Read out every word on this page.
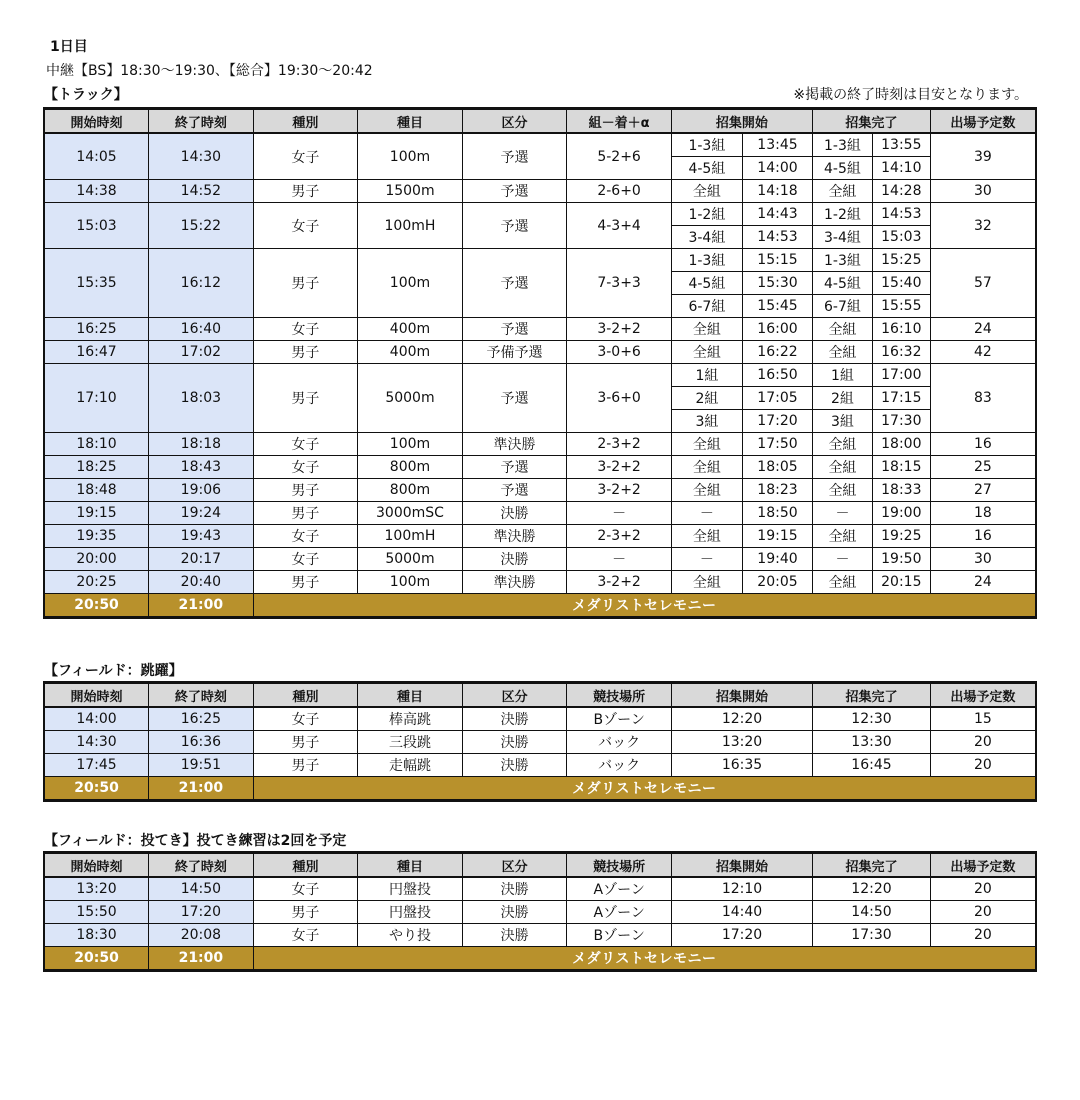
1日目
中継【BS】18:30～19:30、【総合】19:30～20:42
【トラック】	※掲載の終了時刻は目安となります。
開始時刻	終了時刻	種別	種目	区分	組－着＋α	招集開始		招集完了		出場予定数
14:05	14:30	女子	100m	予選	5-2+6	1-3組	13:45	1-3組	13:55	39
						4-5組	14:00	4-5組	14:10	
14:38	14:52	男子	1500m	予選	2-6+0	全組	14:18	全組	14:28	30
15:03	15:22	女子	100mH	予選	4-3+4	1-2組	14:43	1-2組	14:53	32
						3-4組	14:53	3-4組	15:03	
15:35	16:12	男子	100m	予選	7-3+3	1-3組	15:15	1-3組	15:25	57
						4-5組	15:30	4-5組	15:40	
						6-7組	15:45	6-7組	15:55	
16:25	16:40	女子	400m	予選	3-2+2	全組	16:00	全組	16:10	24
16:47	17:02	男子	400m	予備予選	3-0+6	全組	16:22	全組	16:32	42
17:10	18:03	男子	5000m	予選	3-6+0	1組	16:50	1組	17:00	83
						2組	17:05	2組	17:15	
						3組	17:20	3組	17:30	
18:10	18:18	女子	100m	準決勝	2-3+2	全組	17:50	全組	18:00	16
18:25	18:43	女子	800m	予選	3-2+2	全組	18:05	全組	18:15	25
18:48	19:06	男子	800m	予選	3-2+2	全組	18:23	全組	18:33	27
19:15	19:24	男子	3000mSC	決勝	－	－	18:50	－	19:00	18
19:35	19:43	女子	100mH	準決勝	2-3+2	全組	19:15	全組	19:25	16
20:00	20:17	女子	5000m	決勝	－	－	19:40	－	19:50	30
20:25	20:40	男子	100m	準決勝	3-2+2	全組	20:05	全組	20:15	24
20:50	21:00	メダリストセレモニー								
【フィールド：跳躍】
開始時刻	終了時刻	種別	種目	区分	競技場所	招集開始	招集完了	出場予定数
14:00	16:25	女子	棒高跳	決勝	Bゾーン	12:20	12:30	15
14:30	16:36	男子	三段跳	決勝	バック	13:20	13:30	20
17:45	19:51	男子	走幅跳	決勝	バック	16:35	16:45	20
20:50	21:00	メダリストセレモニー						
【フィールド：投てき】投てき練習は2回を予定
開始時刻	終了時刻	種別	種目	区分	競技場所	招集開始	招集完了	出場予定数
13:20	14:50	女子	円盤投	決勝	Aゾーン	12:10	12:20	20
15:50	17:20	男子	円盤投	決勝	Aゾーン	14:40	14:50	20
18:30	20:08	女子	やり投	決勝	Bゾーン	17:20	17:30	20
20:50	21:00	メダリストセレモニー						
